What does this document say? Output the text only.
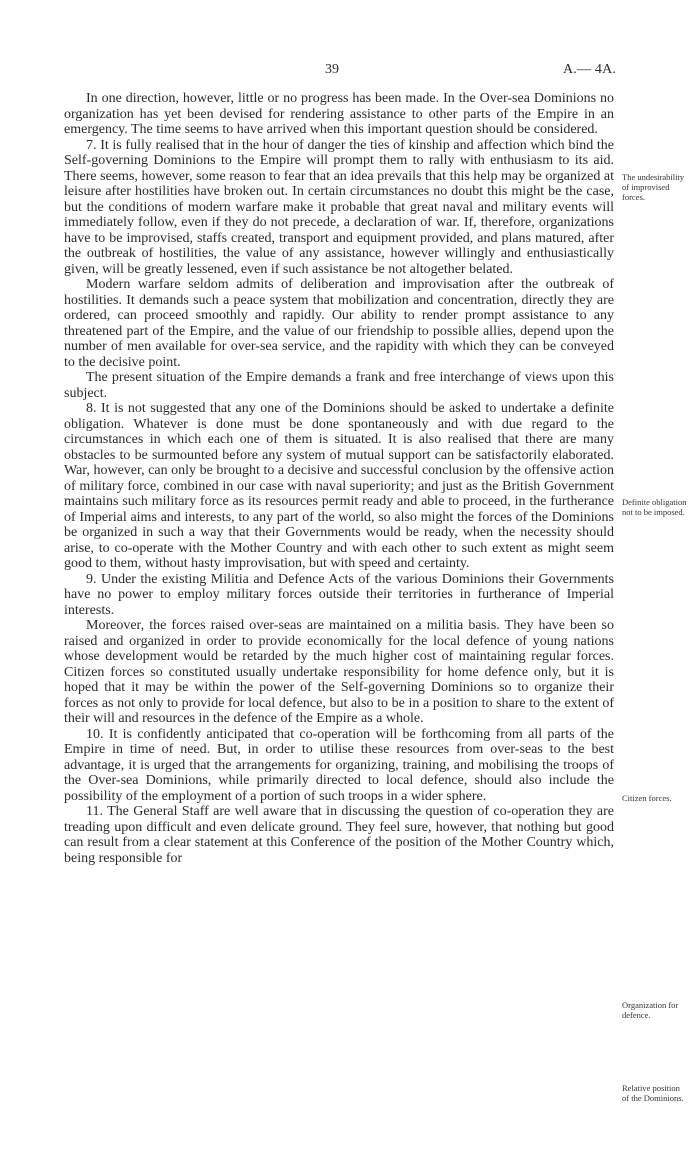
39	A.— 4A.

In one direction, however, little or no progress has been made. In the Over-sea Dominions no organization has yet been devised for rendering assistance to other parts of the Empire in an emergency. The time seems to have arrived when this important question should be considered.

7. It is fully realised that in the hour of danger the ties of kinship and affection which bind the Self-governing Dominions to the Empire will prompt them to rally with enthusiasm to its aid. There seems, however, some reason to fear that an idea prevails that this help may be organized at leisure after hostilities have broken out. In certain circumstances no doubt this might be the case, but the conditions of modern warfare make it probable that great naval and military events will immediately follow, even if they do not precede, a declaration of war. If, therefore, organizations have to be improvised, staffs created, transport and equipment provided, and plans matured, after the outbreak of hostilities, the value of any assistance, however willingly and enthusiastically given, will be greatly lessened, even if such assistance be not altogether belated.

Modern warfare seldom admits of deliberation and improvisation after the outbreak of hostilities. It demands such a peace system that mobilization and concentration, directly they are ordered, can proceed smoothly and rapidly. Our ability to render prompt assistance to any threatened part of the Empire, and the value of our friendship to possible allies, depend upon the number of men available for over-sea service, and the rapidity with which they can be conveyed to the decisive point.

The present situation of the Empire demands a frank and free interchange of views upon this subject.

8. It is not suggested that any one of the Dominions should be asked to undertake a definite obligation. Whatever is done must be done spontaneously and with due regard to the circumstances in which each one of them is situated. It is also realised that there are many obstacles to be surmounted before any system of mutual support can be satisfactorily elaborated. War, however, can only be brought to a decisive and successful conclusion by the offensive action of military force, combined in our case with naval superiority; and just as the British Government maintains such military force as its resources permit ready and able to proceed, in the furtherance of Imperial aims and interests, to any part of the world, so also might the forces of the Dominions be organized in such a way that their Governments would be ready, when the necessity should arise, to co-operate with the Mother Country and with each other to such extent as might seem good to them, without hasty improvisation, but with speed and certainty.

9. Under the existing Militia and Defence Acts of the various Dominions their Governments have no power to employ military forces outside their territories in furtherance of Imperial interests.

Moreover, the forces raised over-seas are maintained on a militia basis. They have been so raised and organized in order to provide economically for the local defence of young nations whose development would be retarded by the much higher cost of maintaining regular forces. Citizen forces so constituted usually undertake responsibility for home defence only, but it is hoped that it may be within the power of the Self-governing Dominions so to organize their forces as not only to provide for local defence, but also to be in a position to share to the extent of their will and resources in the defence of the Empire as a whole.

10. It is confidently anticipated that co-operation will be forthcoming from all parts of the Empire in time of need. But, in order to utilise these resources from over-seas to the best advantage, it is urged that the arrangements for organizing, training, and mobilising the troops of the Over-sea Dominions, while primarily directed to local defence, should also include the possibility of the employment of a portion of such troops in a wider sphere.

11. The General Staff are well aware that in discussing the question of co-operation they are treading upon difficult and even delicate ground. They feel sure, however, that nothing but good can result from a clear statement at this Conference of the position of the Mother Country which, being responsible for

The undesirability of improvised forces.
Definite obligation not to be imposed.
Citizen forces.
Organization for defence.
Relative position of the Dominions.
